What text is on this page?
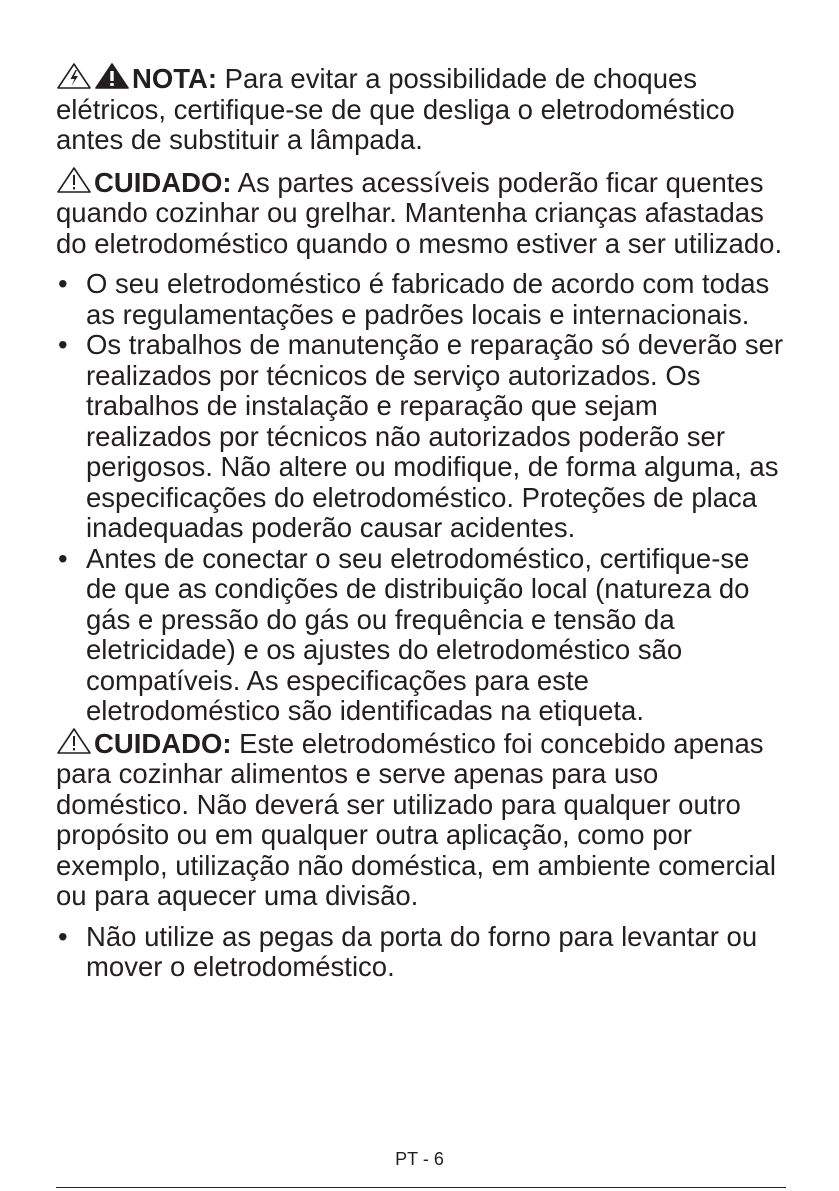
NOTA: Para evitar a possibilidade de choques elétricos, certifique-se de que desliga o eletrodoméstico antes de substituir a lâmpada.

CUIDADO: As partes acessíveis poderão ficar quentes quando cozinhar ou grelhar. Mantenha crianças afastadas do eletrodoméstico quando o mesmo estiver a ser utilizado.

• O seu eletrodoméstico é fabricado de acordo com todas as regulamentações e padrões locais e internacionais.
• Os trabalhos de manutenção e reparação só deverão ser realizados por técnicos de serviço autorizados. Os trabalhos de instalação e reparação que sejam realizados por técnicos não autorizados poderão ser perigosos. Não altere ou modifique, de forma alguma, as especificações do eletrodoméstico. Proteções de placa inadequadas poderão causar acidentes.
• Antes de conectar o seu eletrodoméstico, certifique-se de que as condições de distribuição local (natureza do gás e pressão do gás ou frequência e tensão da eletricidade) e os ajustes do eletrodoméstico são compatíveis. As especificações para este eletrodoméstico são identificadas na etiqueta.

CUIDADO: Este eletrodoméstico foi concebido apenas para cozinhar alimentos e serve apenas para uso doméstico. Não deverá ser utilizado para qualquer outro propósito ou em qualquer outra aplicação, como por exemplo, utilização não doméstica, em ambiente comercial ou para aquecer uma divisão.

• Não utilize as pegas da porta do forno para levantar ou mover o eletrodoméstico.
PT - 6
